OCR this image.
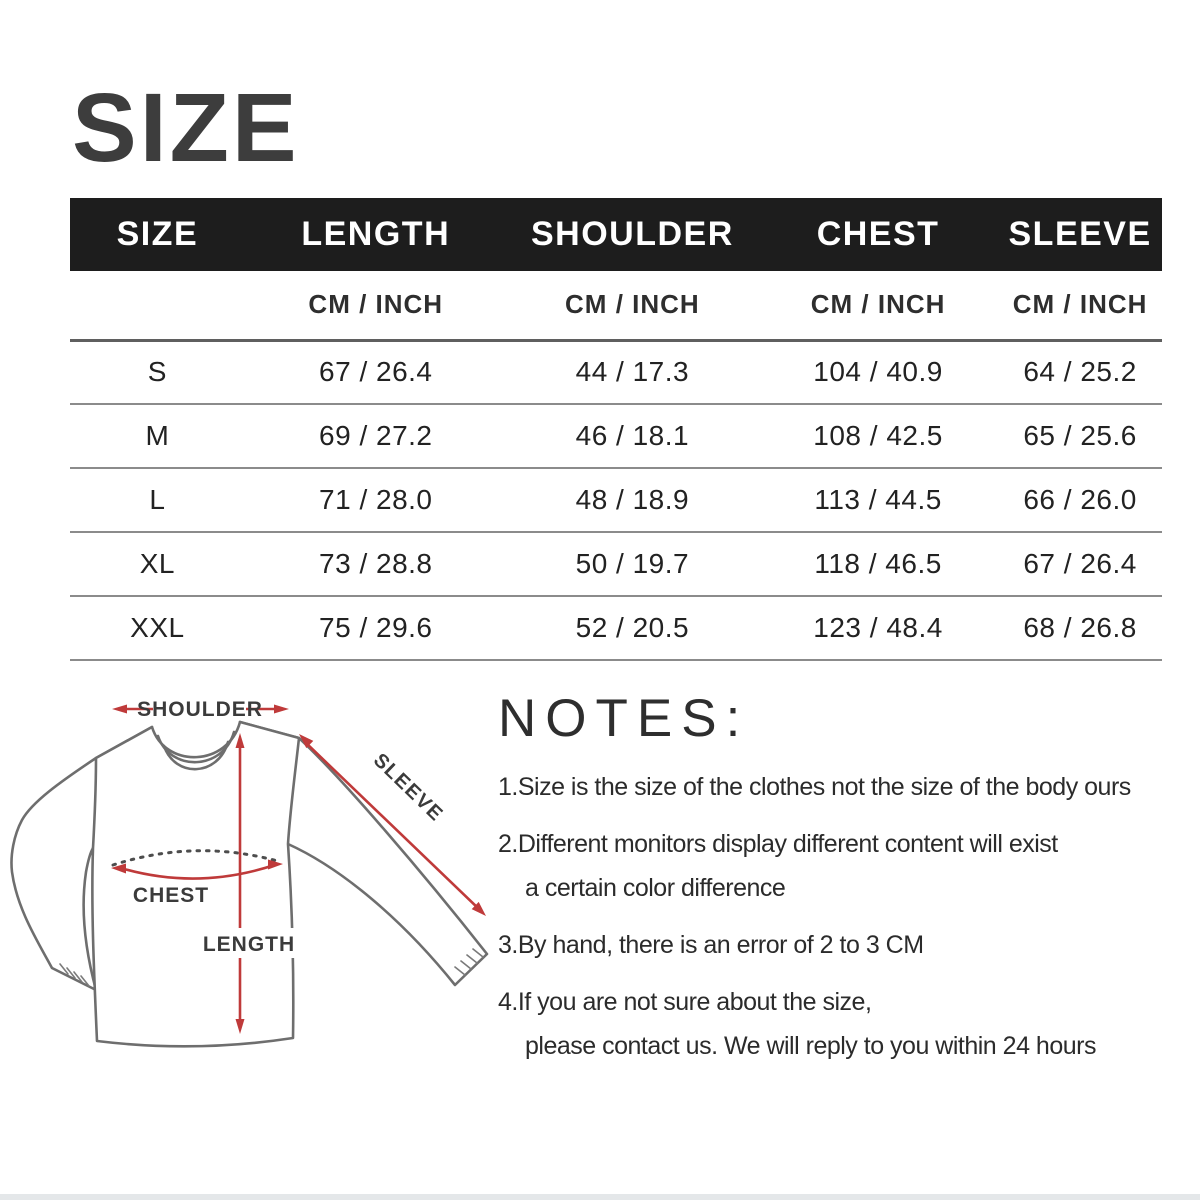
SIZE
SIZE	LENGTH	SHOULDER	CHEST	SLEEVE
	CM / INCH	CM / INCH	CM / INCH	CM / INCH
S	67 / 26.4	44 / 17.3	104 / 40.9	64 / 25.2
M	69 / 27.2	46 / 18.1	108 / 42.5	65 / 25.6
L	71 / 28.0	48 / 18.9	113 / 44.5	66 / 26.0
XL	73 / 28.8	50 / 19.7	118 / 46.5	67 / 26.4
XXL	75 / 29.6	52 / 20.5	123 / 48.4	68 / 26.8
SHOULDER
SLEEVE
CHEST
LENGTH
NOTES:
1.Size is the size of the clothes not the size of the body ours
2.Different monitors display different content will exist
a certain color difference
3.By hand, there is an error of 2 to 3 CM
4.If you are not sure about the size,
please contact us. We will reply to you within 24 hours
